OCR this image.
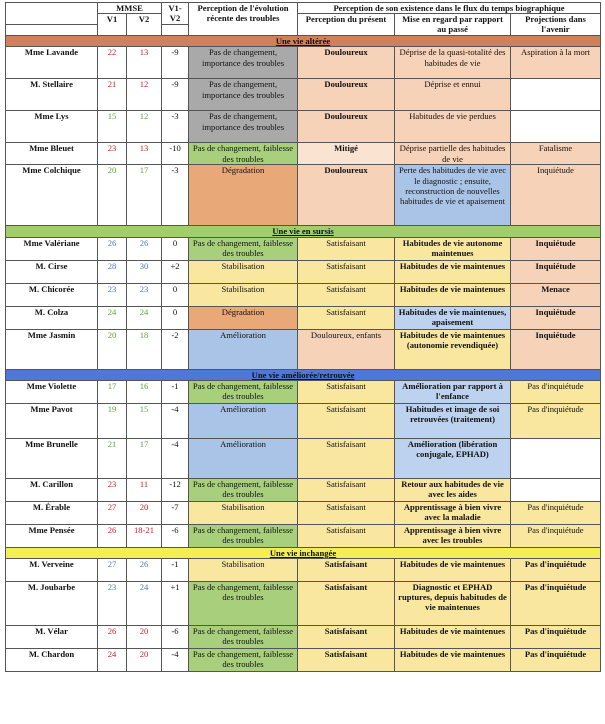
	MMSE		V1-V2	Perception de l'évolution récente des troubles	Perception de son existence dans le flux du temps biographique		
	V1	V2			Perception du présent	Mise en regard par rapport au passé	Projections dans l'avenir

Une vie altérée							
Mme Lavande	22	13	-9	Pas de changement, importance des troubles	Douloureux	Déprise de la quasi-totalité des habitudes de vie	Aspiration à la mort
M. Stellaire	21	12	-9	Pas de changement, importance des troubles	Douloureux	Déprise et ennui	
Mme Lys	15	12	-3	Pas de changement, importance des troubles	Douloureux	Habitudes de vie perdues	
Mme Bleuet	23	13	-10	Pas de changement, faiblesse des troubles	Mitigé	Déprise partielle des habitudes de vie	Fatalisme
Mme Colchique	20	17	-3	Dégradation	Douloureux	Perte des habitudes de vie avec le diagnostic ; ensuite, reconstruction de nouvelles habitudes de vie et apaisement	Inquiétude
Une vie en sursis							
Mme Valériane	26	26	0	Pas de changement, faiblesse des troubles	Satisfaisant	Habitudes de vie autonome maintenues	Inquiétude
M. Cirse	28	30	+2	Stabilisation	Satisfaisant	Habitudes de vie maintenues	Inquiétude
M. Chicorée	23	23	0	Stabilisation	Satisfaisant	Habitudes de vie maintenues	Menace
M. Colza	24	24	0	Dégradation	Satisfaisant	Habitudes de vie maintenues, apaisement	Inquiétude
Mme Jasmin	20	18	-2	Amélioration	Douloureux, enfants	Habitudes de vie maintenues (autonomie revendiquée)	Inquiétude
Une vie améliorée/retrouvée							
Mme Violette	17	16	-1	Pas de changement, faiblesse des troubles	Satisfaisant	Amélioration par rapport à l'enfance	Pas d'inquiétude
Mme Pavot	19	15	-4	Amélioration	Satisfaisant	Habitudes et image de soi retrouvées (traitement)	Pas d'inquiétude
Mme Brunelle	21	17	-4	Amélioration	Satisfaisant	Amélioration (libération conjugale, EPHAD)	
M. Carillon	23	11	-12	Pas de changement, faiblesse des troubles	Satisfaisant	Retour aux habitudes de vie avec les aides	
M. Érable	27	20	-7	Stabilisation	Satisfaisant	Apprentissage à bien vivre avec la maladie	Pas d'inquiétude
Mme Pensée	26	18-21	-6	Pas de changement, faiblesse des troubles	Satisfaisant	Apprentissage à bien vivre avec les troubles	Pas d'inquiétude
Une vie inchangée							
M. Verveine	27	26	-1	Stabilisation	Satisfaisant	Habitudes de vie maintenues	Pas d'inquiétude
M. Joubarbe	23	24	+1	Pas de changement, faiblesse des troubles	Satisfaisant	Diagnostic et EPHAD ruptures, depuis habitudes de vie maintenues	Pas d'inquiétude
M. Vélar	26	20	-6	Pas de changement, faiblesse des troubles	Satisfaisant	Habitudes de vie maintenues	Pas d'inquiétude
M. Chardon	24	20	-4	Pas de changement, faiblesse des troubles	Satisfaisant	Habitudes de vie maintenues	Pas d'inquiétude
